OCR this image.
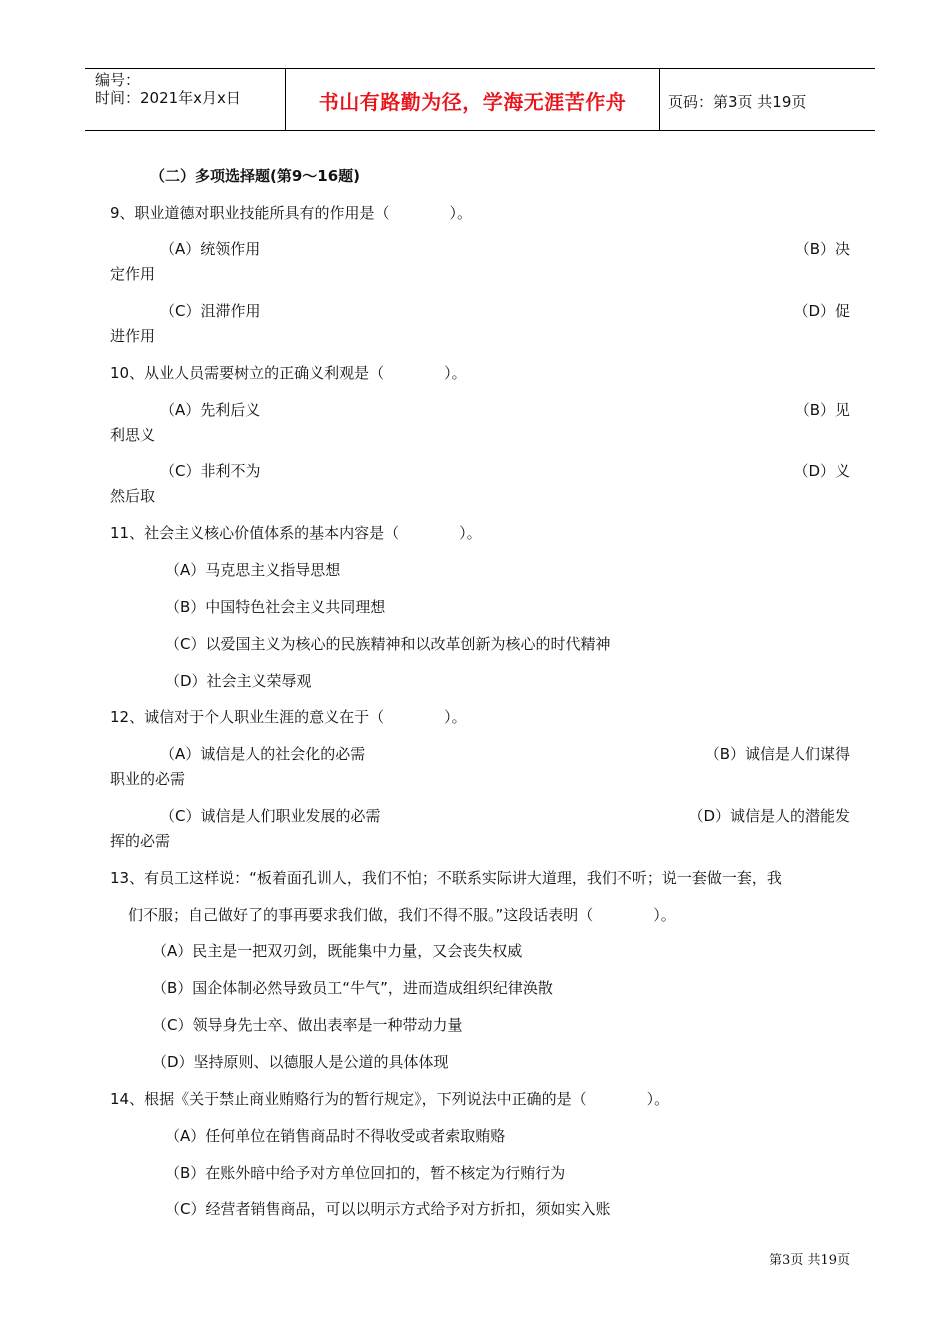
编号：
时间：2021年x月x日	书山有路勤为径，学海无涯苦作舟	页码：第3页 共19页
（二）多项选择题(第9～16题)
9、职业道德对职业技能所具有的作用是（　　　　）。
（A）统领作用	（B）决
定作用
（C）沮滞作用	（D）促
进作用
10、从业人员需要树立的正确义利观是（　　　　）。
（A）先利后义	（B）见
利思义
（C）非利不为	（D）义
然后取
11、社会主义核心价值体系的基本内容是（　　　　）。
（A）马克思主义指导思想
（B）中国特色社会主义共同理想
（C）以爱国主义为核心的民族精神和以改革创新为核心的时代精神
（D）社会主义荣辱观
12、诚信对于个人职业生涯的意义在于（　　　　）。
（A）诚信是人的社会化的必需	（B）诚信是人们谋得
职业的必需
（C）诚信是人们职业发展的必需	（D）诚信是人的潜能发
挥的必需
13、有员工这样说：“板着面孔训人，我们不怕；不联系实际讲大道理，我们不听；说一套做一套，我
们不服；自己做好了的事再要求我们做，我们不得不服。”这段话表明（　　　　）。
（A）民主是一把双刃剑，既能集中力量，又会丧失权威
（B）国企体制必然导致员工“牛气”，进而造成组织纪律涣散
（C）领导身先士卒、做出表率是一种带动力量
（D）坚持原则、以德服人是公道的具体体现
14、根据《关于禁止商业贿赂行为的暂行规定》，下列说法中正确的是（　　　　）。
（A）任何单位在销售商品时不得收受或者索取贿赂
（B）在账外暗中给予对方单位回扣的，暂不核定为行贿行为
（C）经营者销售商品，可以以明示方式给予对方折扣，须如实入账
第3页 共19页
